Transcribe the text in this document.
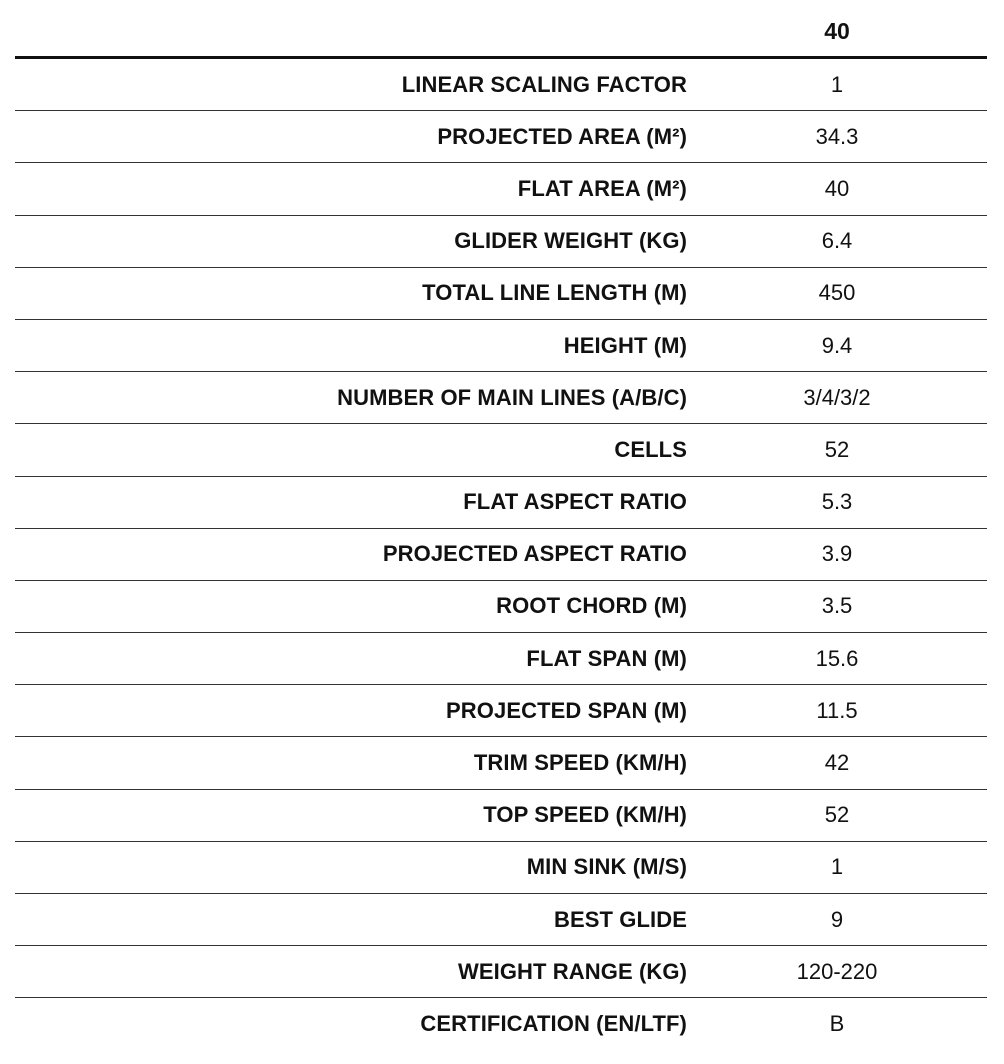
40
LINEAR SCALING FACTOR	1
PROJECTED AREA (M²)	34.3
FLAT AREA (M²)	40
GLIDER WEIGHT (KG)	6.4
TOTAL LINE LENGTH (M)	450
HEIGHT (M)	9.4
NUMBER OF MAIN LINES (A/B/C)	3/4/3/2
CELLS	52
FLAT ASPECT RATIO	5.3
PROJECTED ASPECT RATIO	3.9
ROOT CHORD (M)	3.5
FLAT SPAN (M)	15.6
PROJECTED SPAN (M)	11.5
TRIM SPEED (KM/H)	42
TOP SPEED (KM/H)	52
MIN SINK (M/S)	1
BEST GLIDE	9
WEIGHT RANGE (KG)	120-220
CERTIFICATION (EN/LTF)	B
